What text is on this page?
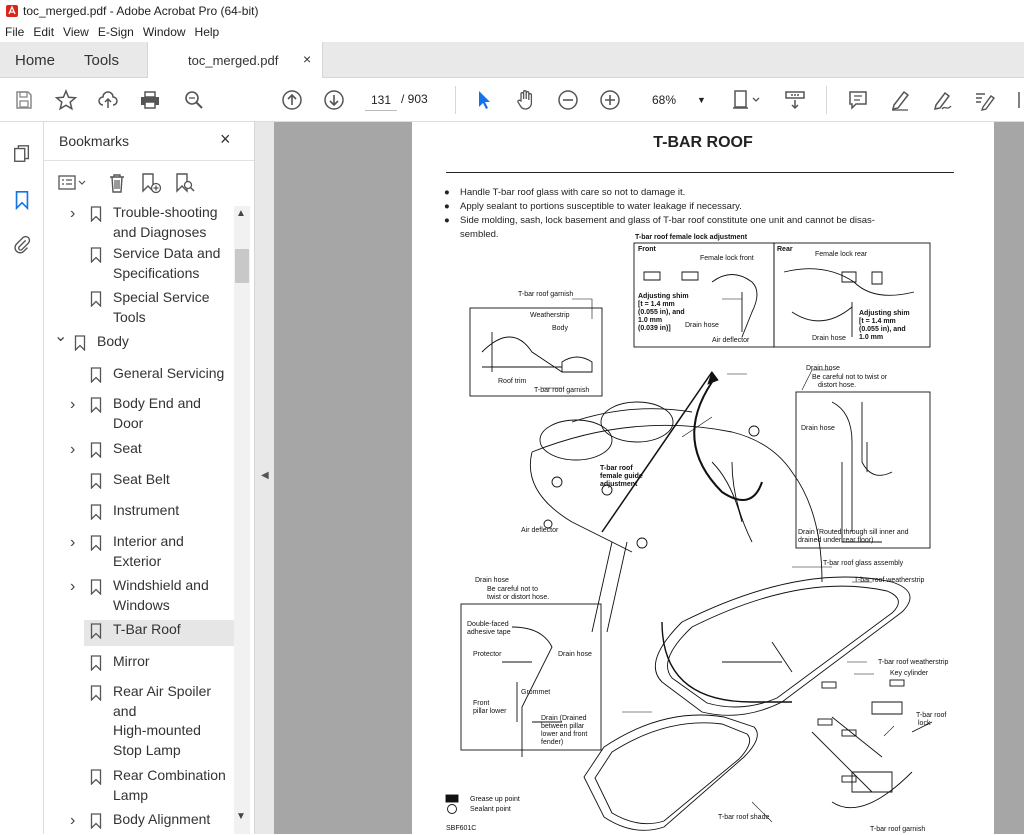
toc_merged.pdf - Adobe Acrobat Pro (64-bit)
File Edit View E-Sign Window Help
Home Tools	toc_merged.pdf ×
131 / 903	68% ▼
Bookmarks	×
›	Trouble-shooting
and Diagnoses
Service Data and
Specifications
Special Service
Tools
⌄ Body
General Servicing
›	Body End and
Door
›	Seat
Seat Belt
Instrument
›	Interior and
Exterior
›	Windshield and
Windows
T-Bar Roof
Mirror
Rear Air Spoiler
and
High-mounted
Stop Lamp
Rear Combination
Lamp
›	Body Alignment	▼
▲
◀
T-BAR ROOF
● Handle T-bar roof glass with care so not to damage it.
● Apply sealant to portions susceptible to water leakage if necessary.
● Side molding, sash, lock basement and glass of T-bar roof constitute one unit and cannot be disas-
sembled.	T-bar roof female lock adjustment
Front	Rear
Female lock front
Female lock rear
Adjusting shim
[t = 1.4 mm
(0.055 in), and
1.0 mm
(0.039 in)] Drain hose
Air deflector
Adjusting shim
[t = 1.4 mm
(0.055 in), and
1.0 mm
Drain hose
T-bar roof garnish
Weatherstrip
Body
Roof trim
T-bar roof garnish
Drain hose
Be careful not to twist or
distort hose.
Drain hose
T-bar roof
female guide
adjustment
Air deflector	Drain (Routed through sill inner and
drained under rear floor)
Drain hose
Be careful not to
twist or distort hose.
Double-faced
adhesive tape
Protector	Drain hose
Grommet
Front
pillar lower
Drain (Drained
between pillar
lower and front
fender)
T-bar roof glass assembly
T-bar roof weatherstrip
T-bar roof weatherstrip
Key cylinder
T-bar roof
lock
T-bar roof shade
T-bar roof garnish
Grease up point
Sealant point
SBF601C
